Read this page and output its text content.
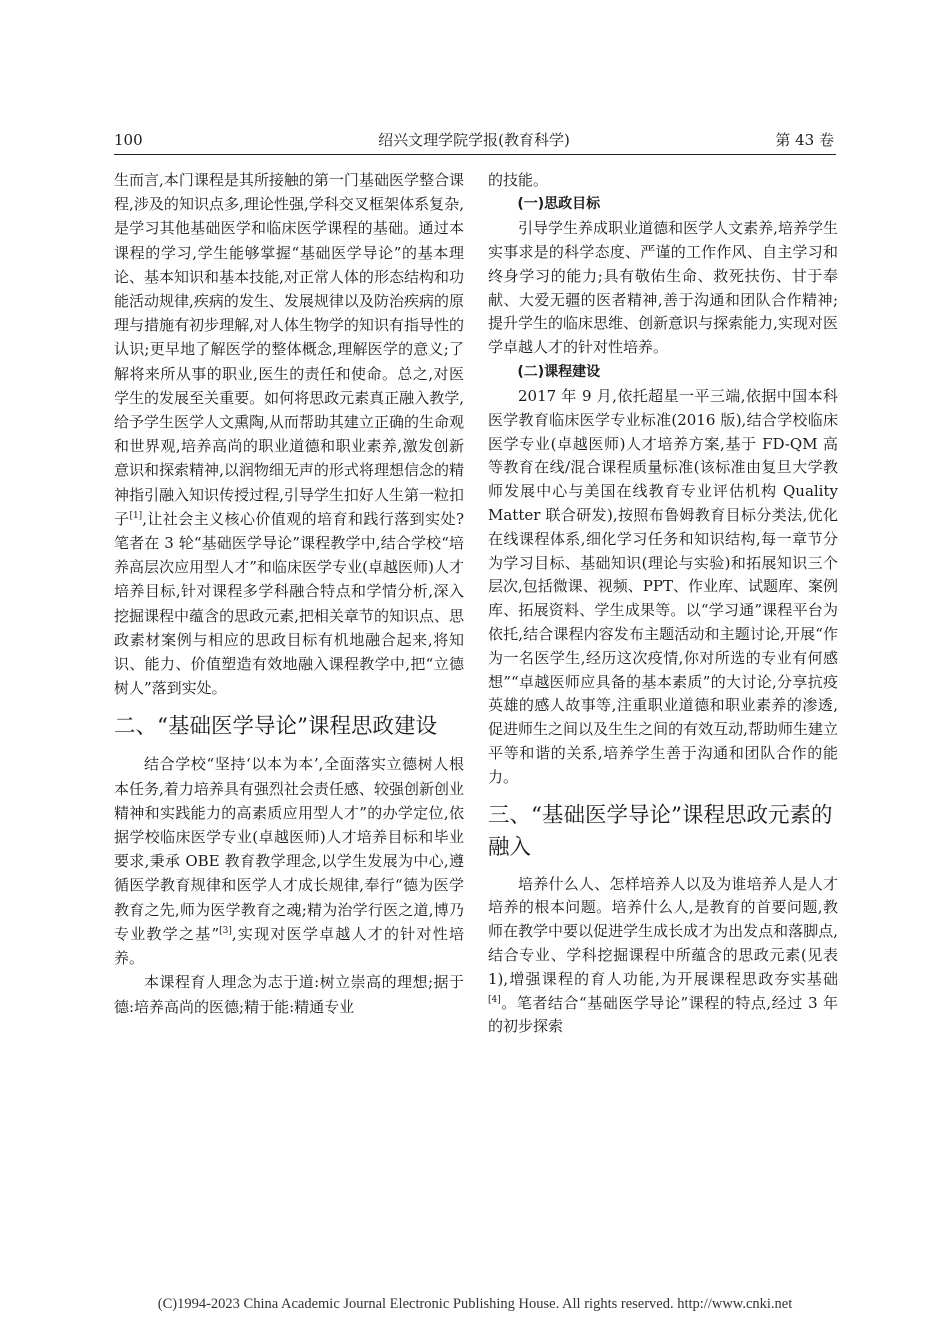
绍兴文理学院学报(教育科学)
100	第 43 卷

生而言,本门课程是其所接触的第一门基础医学整合课程,涉及的知识点多,理论性强,学科交叉框架体系复杂,是学习其他基础医学和临床医学课程的基础。通过本课程的学习,学生能够掌握“基础医学导论”的基本理论、基本知识和基本技能,对正常人体的形态结构和功能活动规律,疾病的发生、发展规律以及防治疾病的原理与措施有初步理解,对人体生物学的知识有指导性的认识;更早地了解医学的整体概念,理解医学的意义;了解将来所从事的职业,医生的责任和使命。总之,对医学生的发展至关重要。如何将思政元素真正融入教学,给予学生医学人文熏陶,从而帮助其建立正确的生命观和世界观,培养高尚的职业道德和职业素养,激发创新意识和探索精神,以润物细无声的形式将理想信念的精神指引融入知识传授过程,引导学生扣好人生第一粒扣子[1],让社会主义核心价值观的培育和践行落到实处?笔者在 3 轮“基础医学导论”课程教学中,结合学校“培养高层次应用型人才”和临床医学专业(卓越医师)人才培养目标,针对课程多学科融合特点和学情分析,深入挖掘课程中蕴含的思政元素,把相关章节的知识点、思政素材案例与相应的思政目标有机地融合起来,将知识、能力、价值塑造有效地融入课程教学中,把“立德树人”落到实处。

二、“基础医学导论”课程思政建设

结合学校“坚持‘以本为本’,全面落实立德树人根本任务,着力培养具有强烈社会责任感、较强创新创业精神和实践能力的高素质应用型人才”的办学定位,依据学校临床医学专业(卓越医师)人才培养目标和毕业要求,秉承 OBE 教育教学理念,以学生发展为中心,遵循医学教育规律和医学人才成长规律,奉行“德为医学教育之先,师为医学教育之魂;精为治学行医之道,博乃专业教学之基”[3],实现对医学卓越人才的针对性培养。

本课程育人理念为志于道:树立崇高的理想;据于德:培养高尚的医德;精于能:精通专业

的技能。

(一)思政目标

引导学生养成职业道德和医学人文素养,培养学生实事求是的科学态度、严谨的工作作风、自主学习和终身学习的能力;具有敬佑生命、救死扶伤、甘于奉献、大爱无疆的医者精神,善于沟通和团队合作精神;提升学生的临床思维、创新意识与探索能力,实现对医学卓越人才的针对性培养。

(二)课程建设

2017 年 9 月,依托超星一平三端,依据中国本科医学教育临床医学专业标准(2016 版),结合学校临床医学专业(卓越医师)人才培养方案,基于 FD-QM 高等教育在线/混合课程质量标准(该标准由复旦大学教师发展中心与美国在线教育专业评估机构 Quality Matter 联合研发),按照布鲁姆教育目标分类法,优化在线课程体系,细化学习任务和知识结构,每一章节分为学习目标、基础知识(理论与实验)和拓展知识三个层次,包括微课、视频、PPT、作业库、试题库、案例库、拓展资料、学生成果等。以“学习通”课程平台为依托,结合课程内容发布主题活动和主题讨论,开展“作为一名医学生,经历这次疫情,你对所选的专业有何感想”“卓越医师应具备的基本素质”的大讨论,分享抗疫英雄的感人故事等,注重职业道德和职业素养的渗透,促进师生之间以及生生之间的有效互动,帮助师生建立平等和谐的关系,培养学生善于沟通和团队合作的能力。

三、“基础医学导论”课程思政元素的融入

培养什么人、怎样培养人以及为谁培养人是人才培养的根本问题。培养什么人,是教育的首要问题,教师在教学中要以促进学生成长成才为出发点和落脚点,结合专业、学科挖掘课程中所蕴含的思政元素(见表 1),增强课程的育人功能,为开展课程思政夯实基础[4]。笔者结合“基础医学导论”课程的特点,经过 3 年的初步探索

(C)1994-2023 China Academic Journal Electronic Publishing House. All rights reserved. http://www.cnki.net
